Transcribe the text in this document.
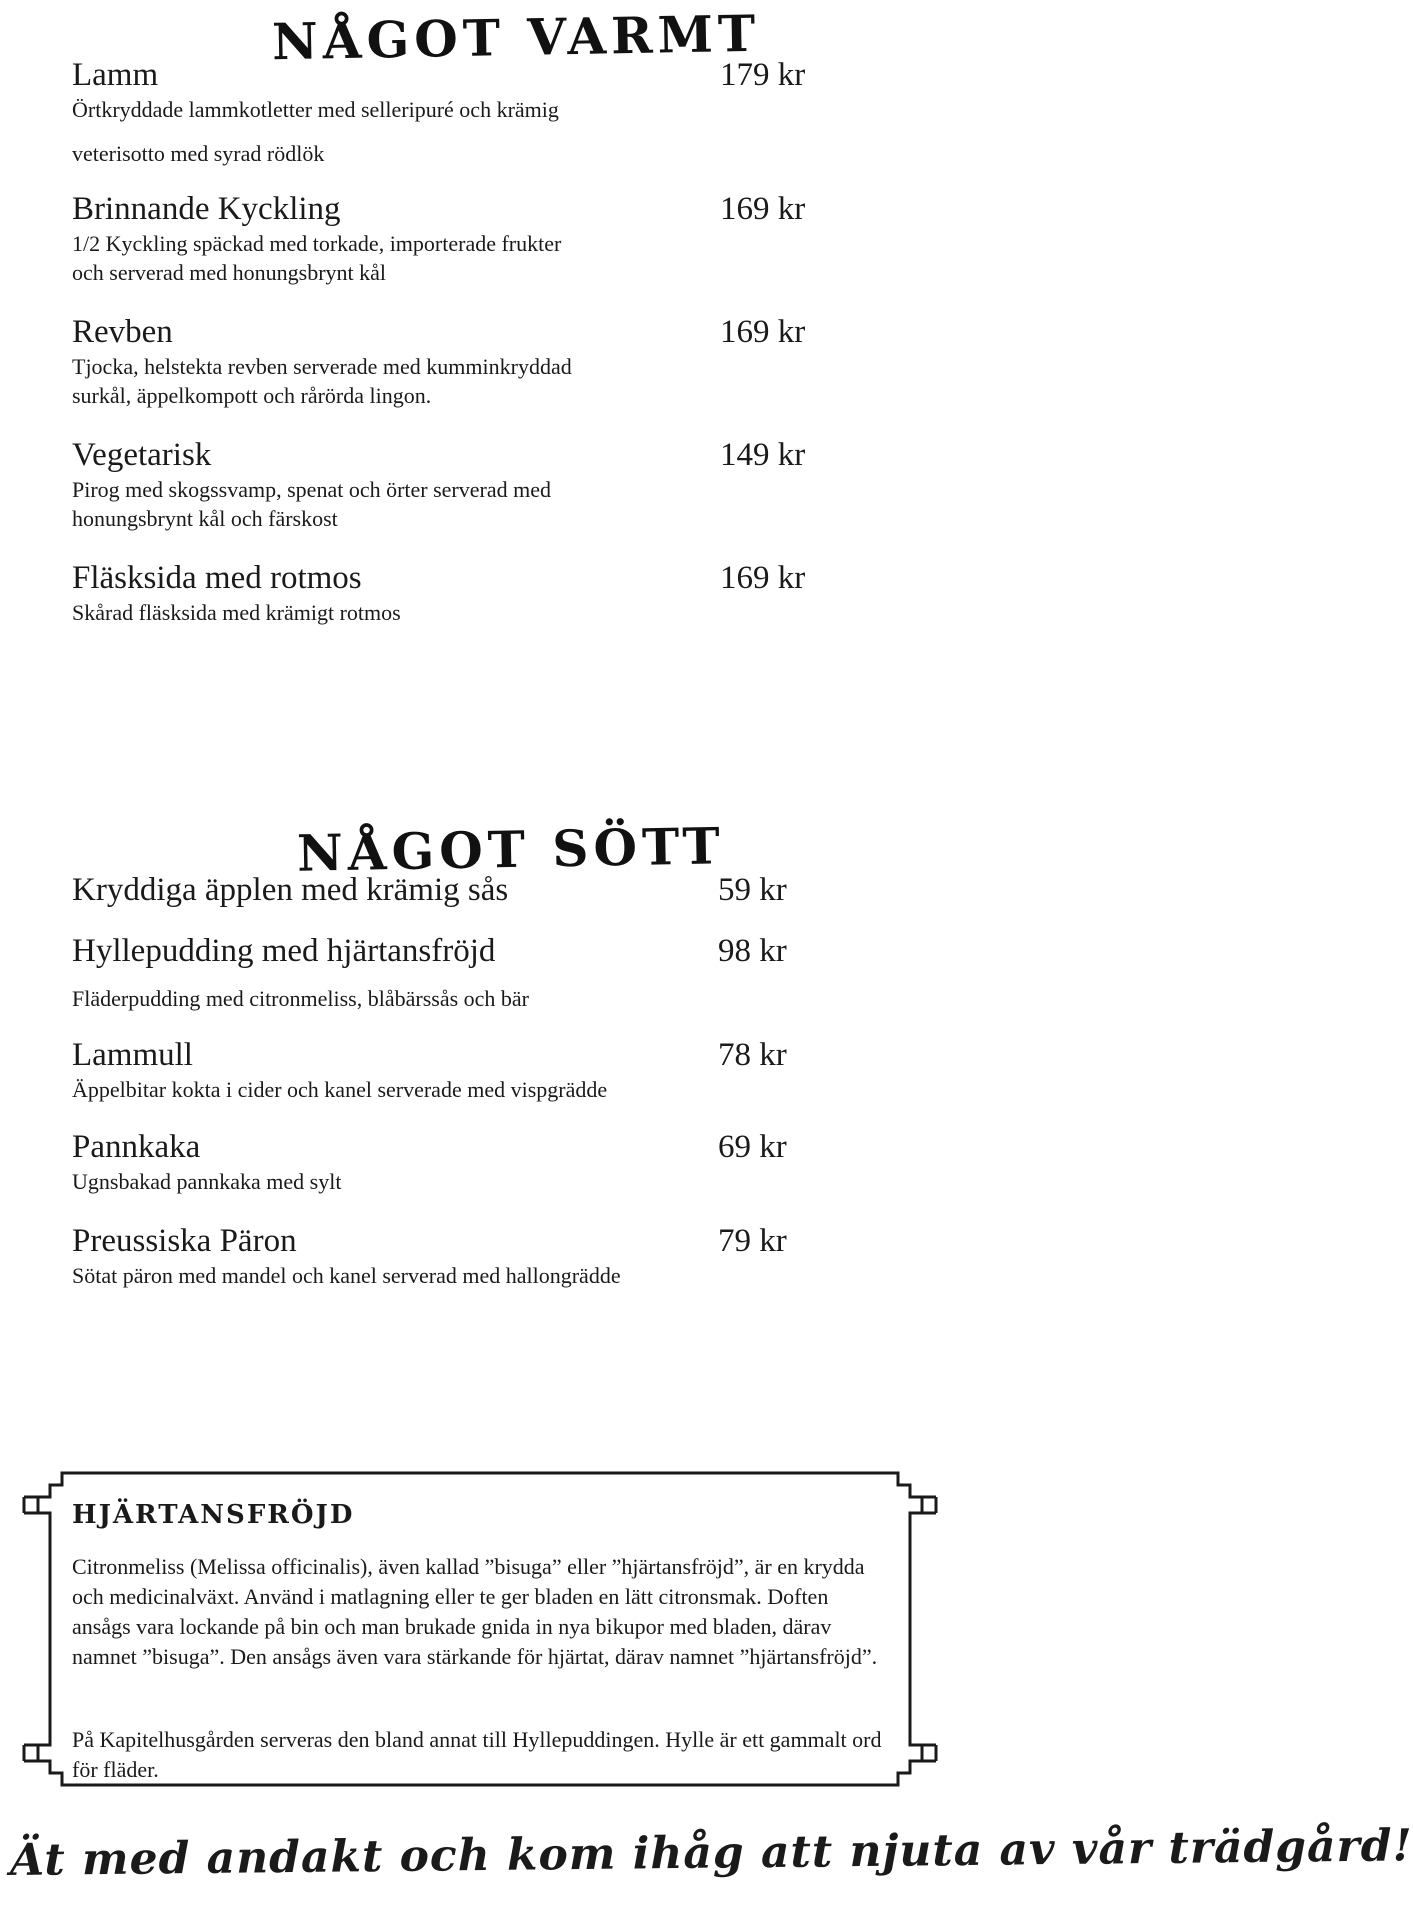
NÅGOT VARMT
Lamm
Örtkryddade lammkotletter med selleripuré och krämig
veterisotto med syrad rödlök
179 kr
Brinnande Kyckling
1/2 Kyckling späckad med torkade, importerade frukter
och serverad med honungsbrynt kål
169 kr
Revben
Tjocka, helstekta revben serverade med kumminkryddad
surkål, äppelkompott och rårörda lingon.
169 kr
Vegetarisk
Pirog med skogssvamp, spenat och örter serverad med
honungsbrynt kål och färskost
149 kr
Fläsksida med rotmos
Skårad fläsksida med krämigt rotmos
169 kr
NÅGOT SÖTT
Kryddiga äpplen med krämig sås	59 kr
Hyllepudding med hjärtansfröjd
Fläderpudding med citronmeliss, blåbärssås och bär
98 kr
Lammull
Äppelbitar kokta i cider och kanel serverade med vispgrädde
78 kr
Pannkaka
Ugnsbakad pannkaka med sylt
69 kr
Preussiska Päron
Sötat päron med mandel och kanel serverad med hallongrädde
79 kr
HJÄRTANSFRÖJD
Citronmeliss (Melissa officinalis), även kallad ”bisuga” eller ”hjärtansfröjd”, är en krydda och medicinalväxt. Använd i matlagning eller te ger bladen en lätt citronsmak. Doften ansågs vara lockande på bin och man brukade gnida in nya bikupor med bladen, därav namnet ”bisuga”. Den ansågs även vara stärkande för hjärtat, därav namnet ”hjärtansfröjd”.
På Kapitelhusgården serveras den bland annat till Hyllepuddingen. Hylle är ett gammalt ord för fläder.
Ät med andakt och kom ihåg att njuta av vår trädgård!
